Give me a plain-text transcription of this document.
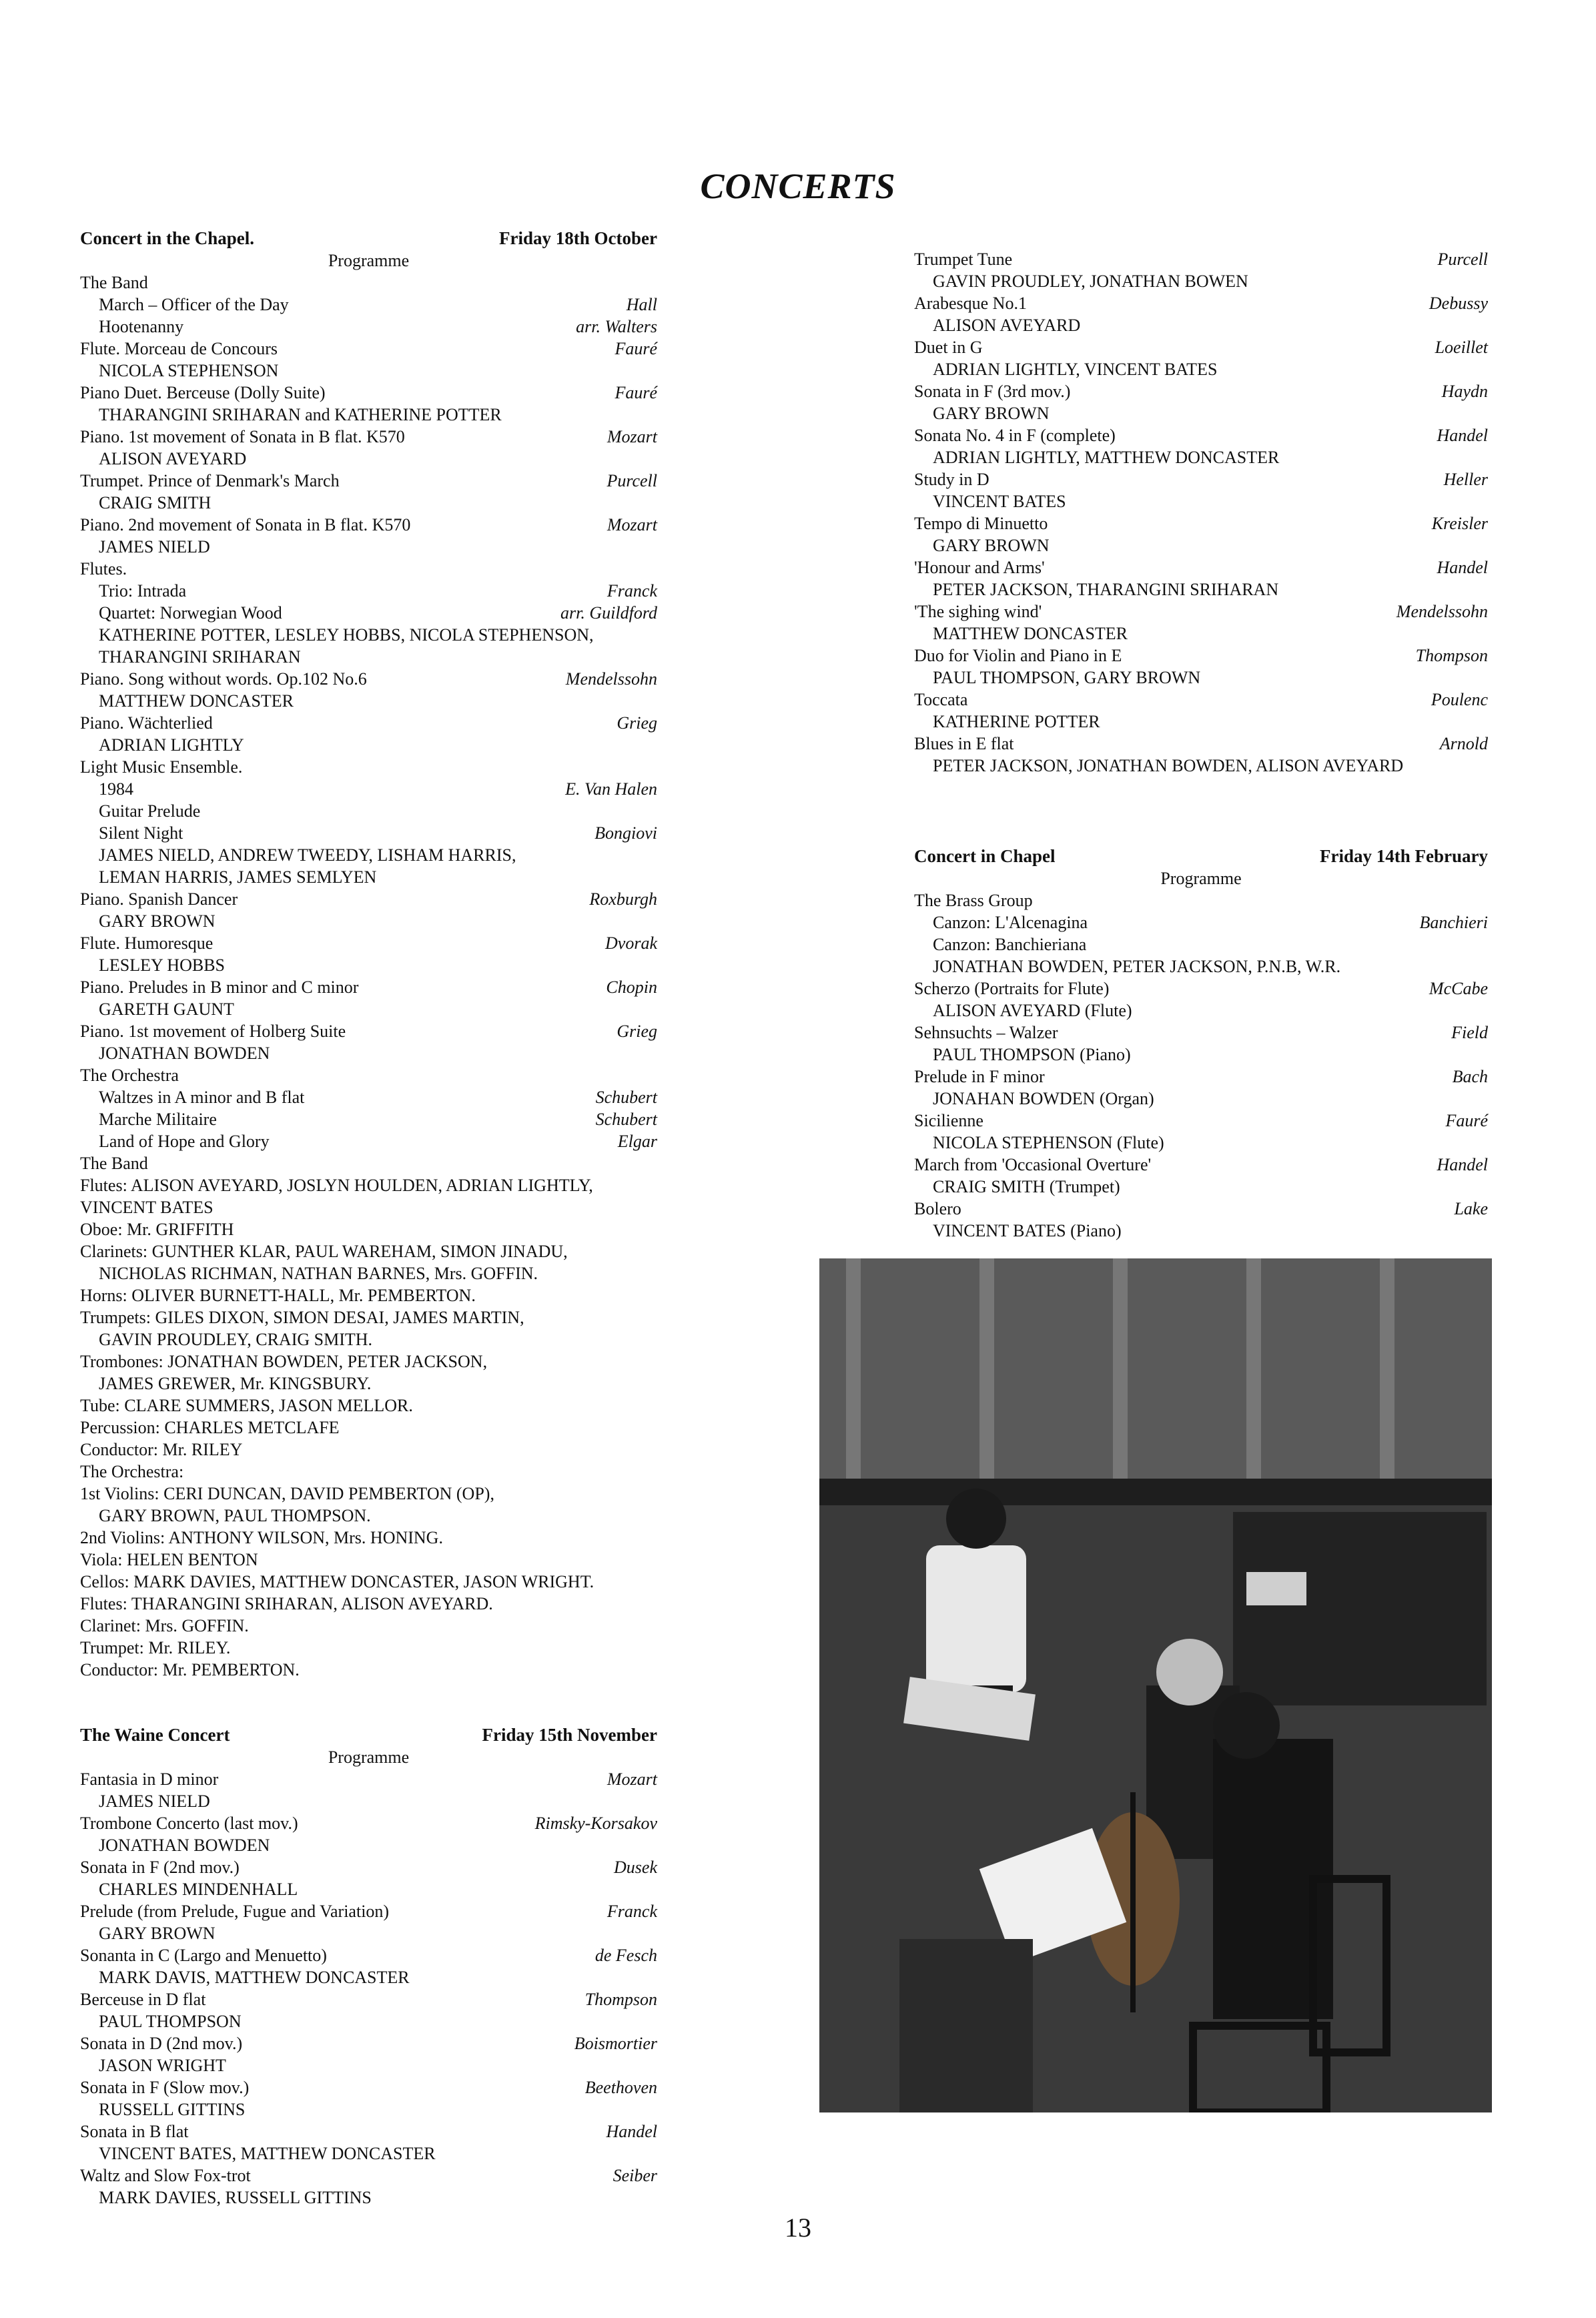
CONCERTS
Concert in the Chapel.	Friday 18th October
Programme
The Band
March – Officer of the Day	Hall
Hootenanny	arr. Walters
Flute. Morceau de Concours	Fauré
NICOLA STEPHENSON
Piano Duet. Berceuse (Dolly Suite)	Fauré
THARANGINI SRIHARAN and KATHERINE POTTER
Piano. 1st movement of Sonata in B flat. K570	Mozart
ALISON AVEYARD
Trumpet. Prince of Denmark's March	Purcell
CRAIG SMITH
Piano. 2nd movement of Sonata in B flat. K570	Mozart
JAMES NIELD
Flutes.
Trio: Intrada	Franck
Quartet: Norwegian Wood	arr. Guildford
KATHERINE POTTER, LESLEY HOBBS, NICOLA STEPHENSON,
THARANGINI SRIHARAN
Piano. Song without words. Op.102 No.6	Mendelssohn
MATTHEW DONCASTER
Piano. Wächterlied	Grieg
ADRIAN LIGHTLY
Light Music Ensemble.
1984	E. Van Halen
Guitar Prelude
Silent Night	Bongiovi
JAMES NIELD, ANDREW TWEEDY, LISHAM HARRIS,
LEMAN HARRIS, JAMES SEMLYEN
Piano. Spanish Dancer	Roxburgh
GARY BROWN
Flute. Humoresque	Dvorak
LESLEY HOBBS
Piano. Preludes in B minor and C minor	Chopin
GARETH GAUNT
Piano. 1st movement of Holberg Suite	Grieg
JONATHAN BOWDEN
The Orchestra
Waltzes in A minor and B flat	Schubert
Marche Militaire	Schubert
Land of Hope and Glory	Elgar
The Band
Flutes: ALISON AVEYARD, JOSLYN HOULDEN, ADRIAN LIGHTLY,
VINCENT BATES
Oboe: Mr. GRIFFITH
Clarinets: GUNTHER KLAR, PAUL WAREHAM, SIMON JINADU,
NICHOLAS RICHMAN, NATHAN BARNES, Mrs. GOFFIN.
Horns: OLIVER BURNETT-HALL, Mr. PEMBERTON.
Trumpets: GILES DIXON, SIMON DESAI, JAMES MARTIN,
GAVIN PROUDLEY, CRAIG SMITH.
Trombones: JONATHAN BOWDEN, PETER JACKSON,
JAMES GREWER, Mr. KINGSBURY.
Tube: CLARE SUMMERS, JASON MELLOR.
Percussion: CHARLES METCLAFE
Conductor: Mr. RILEY
The Orchestra:
1st Violins: CERI DUNCAN, DAVID PEMBERTON (OP),
GARY BROWN, PAUL THOMPSON.
2nd Violins: ANTHONY WILSON, Mrs. HONING.
Viola: HELEN BENTON
Cellos: MARK DAVIES, MATTHEW DONCASTER, JASON WRIGHT.
Flutes: THARANGINI SRIHARAN, ALISON AVEYARD.
Clarinet: Mrs. GOFFIN.
Trumpet: Mr. RILEY.
Conductor: Mr. PEMBERTON.
The Waine Concert	Friday 15th November
Programme
Fantasia in D minor	Mozart
JAMES NIELD
Trombone Concerto (last mov.)	Rimsky-Korsakov
JONATHAN BOWDEN
Sonata in F (2nd mov.)	Dusek
CHARLES MINDENHALL
Prelude (from Prelude, Fugue and Variation)	Franck
GARY BROWN
Sonanta in C (Largo and Menuetto)	de Fesch
MARK DAVIS, MATTHEW DONCASTER
Berceuse in D flat	Thompson
PAUL THOMPSON
Sonata in D (2nd mov.)	Boismortier
JASON WRIGHT
Sonata in F (Slow mov.)	Beethoven
RUSSELL GITTINS
Sonata in B flat	Handel
VINCENT BATES, MATTHEW DONCASTER
Waltz and Slow Fox-trot	Seiber
MARK DAVIES, RUSSELL GITTINS
Trumpet Tune	Purcell
GAVIN PROUDLEY, JONATHAN BOWEN
Arabesque No.1	Debussy
ALISON AVEYARD
Duet in G	Loeillet
ADRIAN LIGHTLY, VINCENT BATES
Sonata in F (3rd mov.)	Haydn
GARY BROWN
Sonata No. 4 in F (complete)	Handel
ADRIAN LIGHTLY, MATTHEW DONCASTER
Study in D	Heller
VINCENT BATES
Tempo di Minuetto	Kreisler
GARY BROWN
'Honour and Arms'	Handel
PETER JACKSON, THARANGINI SRIHARAN
'The sighing wind'	Mendelssohn
MATTHEW DONCASTER
Duo for Violin and Piano in E	Thompson
PAUL THOMPSON, GARY BROWN
Toccata	Poulenc
KATHERINE POTTER
Blues in E flat	Arnold
PETER JACKSON, JONATHAN BOWDEN, ALISON AVEYARD
Concert in Chapel	Friday 14th February
Programme
The Brass Group
Canzon: L'Alcenagina	Banchieri
Canzon: Banchieriana
JONATHAN BOWDEN, PETER JACKSON, P.N.B, W.R.
Scherzo (Portraits for Flute)	McCabe
ALISON AVEYARD (Flute)
Sehnsuchts – Walzer	Field
PAUL THOMPSON (Piano)
Prelude in F minor	Bach
JONAHAN BOWDEN (Organ)
Sicilienne	Fauré
NICOLA STEPHENSON (Flute)
March from 'Occasional Overture'	Handel
CRAIG SMITH (Trumpet)
Bolero	Lake
VINCENT BATES (Piano)
13
